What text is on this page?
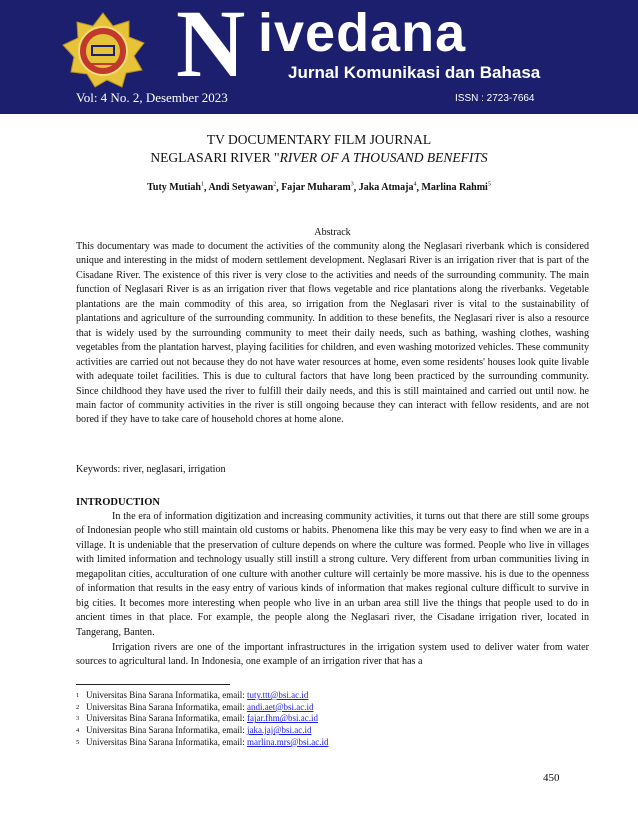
N ivedana
Jurnal Komunikasi dan Bahasa
Vol: 4 No. 2, Desember 2023	ISSN : 2723-7664
TV DOCUMENTARY FILM JOURNAL
NEGLASARI RIVER "RIVER OF A THOUSAND BENEFITS
Tuty Mutiah$^1$, Andi Setyawan$^2$, Fajar Muharam$^3$, Jaka Atmaja$^4$, Marlina Rahmi$^5$
Abstrack

This documentary was made to document the activities of the community along the Neglasari riverbank which is considered unique and interesting in the midst of modern settlement development. Neglasari River is an irrigation river that is part of the Cisadane River. The existence of this river is very close to the activities and needs of the surrounding community. The main function of Neglasari River is as an irrigation river that flows vegetable and rice plantations along the riverbanks. Vegetable plantations are the main commodity of this area, so irrigation from the Neglasari river is vital to the sustainability of plantations and agriculture of the surrounding community. In addition to these benefits, the Neglasari river is also a resource that is widely used by the surrounding community to meet their daily needs, such as bathing, washing clothes, washing vegetables from the plantation harvest, playing facilities for children, and even washing motorized vehicles. These community activities are carried out not because they do not have water resources at home, even some residents' houses look quite livable with adequate toilet facilities. This is due to cultural factors that have long been practiced by the surrounding community. Since childhood they have used the river to fulfill their daily needs, and this is still maintained and carried out until now. he main factor of community activities in the river is still ongoing because they can interact with fellow residents, and are not bored if they have to take care of household chores at home alone.

Keywords: river, neglasari, irrigation

INTRODUCTION

In the era of information digitization and increasing community activities, it turns out that there are still some groups of Indonesian people who still maintain old customs or habits. Phenomena like this may be very easy to find when we are in a village. It is undeniable that the preservation of culture depends on where the culture was formed. People who live in villages with limited information and technology usually still instill a strong culture. Very different from urban communities living in megapolitan cities, acculturation of one culture with another culture will certainly be more massive. his is due to the openness of information that results in the easy entry of various kinds of information that makes regional culture difficult to survive in big cities. It becomes more interesting when people who live in an urban area still live the things that people used to do in ancient times in that place. For example, the people along the Neglasari river, the Cisadane irrigation river, located in Tangerang, Banten.

Irrigation rivers are one of the important infrastructures in the irrigation system used to deliver water from water sources to agricultural land. In Indonesia, one example of an irrigation river that has a

1 Universitas Bina Sarana Informatika, email: tuty.ttt@bsi.ac.id
2 Universitas Bina Sarana Informatika, email: andi.aet@bsi.ac.id
3 Universitas Bina Sarana Informatika, email: fajar.fhm@bsi.ac.id
4 Universitas Bina Sarana Informatika, email: jaka.jaj@bsi.ac.id
5 Universitas Bina Sarana Informatika, email: marlina.mrs@bsi.ac.id
450
